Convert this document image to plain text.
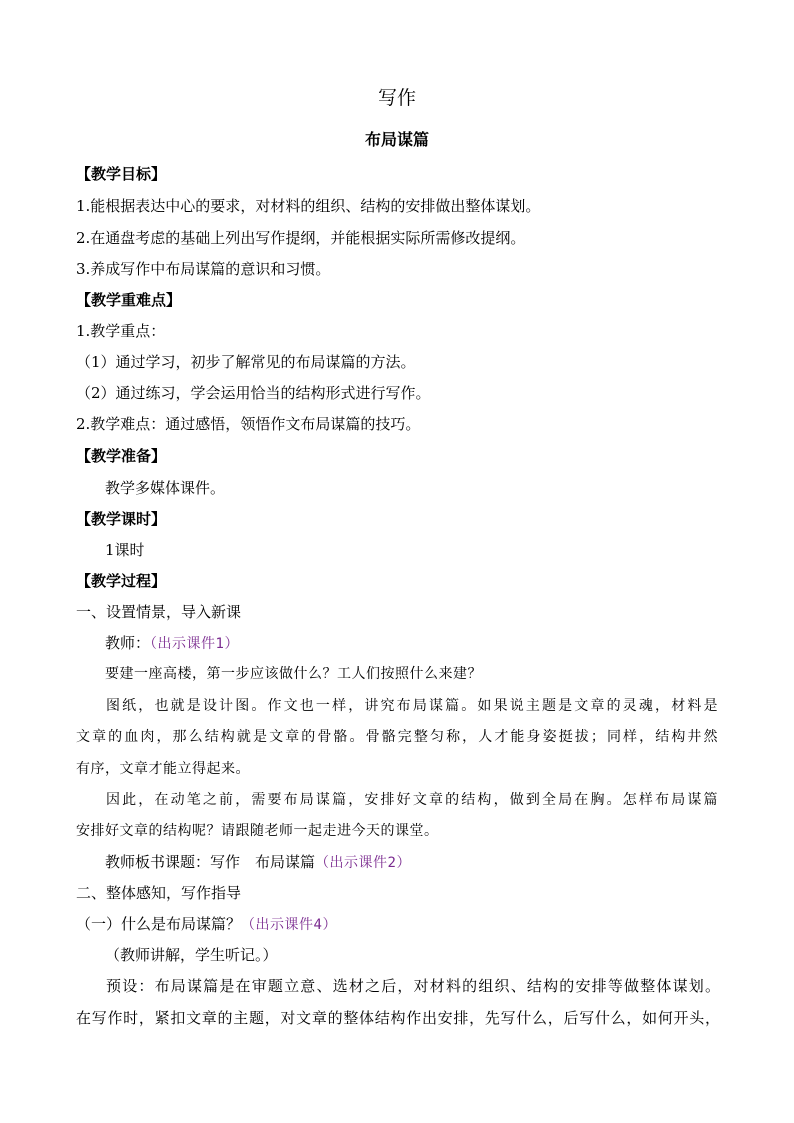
写作
布局谋篇
【教学目标】
1.能根据表达中心的要求，对材料的组织、结构的安排做出整体谋划。
2.在通盘考虑的基础上列出写作提纲，并能根据实际所需修改提纲。
3.养成写作中布局谋篇的意识和习惯。
【教学重难点】
1.教学重点：
（1）通过学习，初步了解常见的布局谋篇的方法。
（2）通过练习，学会运用恰当的结构形式进行写作。
2.教学难点：通过感悟，领悟作文布局谋篇的技巧。
【教学准备】
教学多媒体课件。
【教学课时】
1课时
【教学过程】
一、设置情景，导入新课
教师：（出示课件1）
要建一座高楼，第一步应该做什么？工人们按照什么来建？
图纸，也就是设计图。作文也一样，讲究布局谋篇。如果说主题是文章的灵魂，材料是
文章的血肉，那么结构就是文章的骨骼。骨骼完整匀称，人才能身姿挺拔；同样，结构井然
有序，文章才能立得起来。
因此，在动笔之前，需要布局谋篇，安排好文章的结构，做到全局在胸。怎样布局谋篇
安排好文章的结构呢？请跟随老师一起走进今天的课堂。
教师板书课题：写作　布局谋篇（出示课件2）
二、整体感知，写作指导
（一）什么是布局谋篇？（出示课件4）
（教师讲解，学生听记。）
预设：布局谋篇是在审题立意、选材之后，对材料的组织、结构的安排等做整体谋划。
在写作时，紧扣文章的主题，对文章的整体结构作出安排，先写什么，后写什么，如何开头，
